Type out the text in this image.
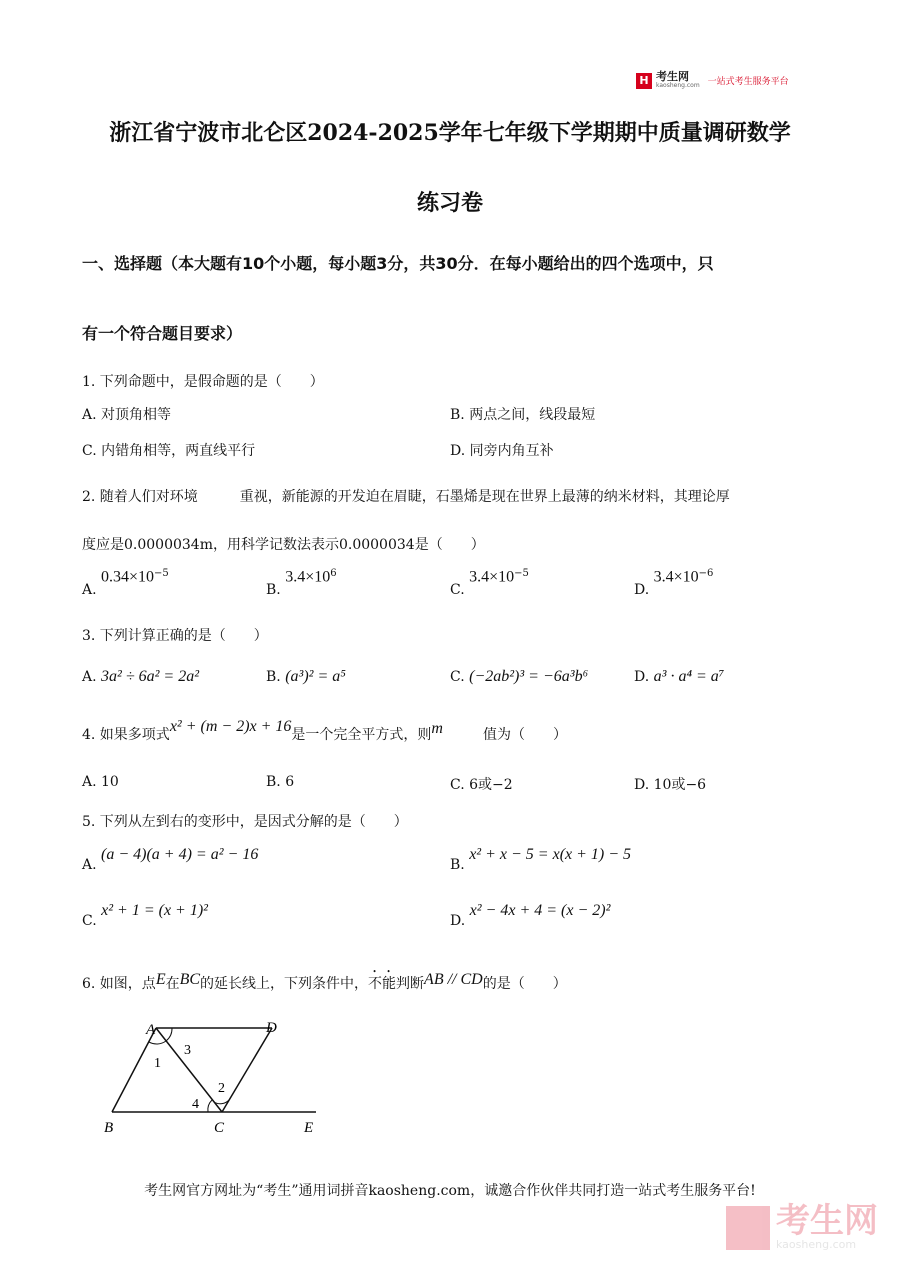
H 考生网
kaosheng.com 一站式考生服务平台
浙江省宁波市北仑区2024-2025学年七年级下学期期中质量调研数学
练习卷
一、选择题（本大题有10个小题，每小题3分，共30分．在每小题给出的四个选项中，只
有一个符合题目要求）
1. 下列命题中，是假命题的是（　　）
A. 对顶角相等	B. 两点之间，线段最短
C. 内错角相等，两直线平行	D. 同旁内角互补
2. 随着人们对环境　　　重视，新能源的开发迫在眉睫，石墨烯是现在世界上最薄的纳米材料，其理论厚
度应是0.0000034m，用科学记数法表示0.0000034是（　　）
A. $0.34\times 10^{-5}$
B. $3.4\times 10^6$
C. $3.4\times 10^{-5}$
D. $3.4\times 10^{-6}$
3. 下列计算正确的是（　　）
A. 3a² ÷ 6a² = 2a²	B. (a³)² = a⁵	C. (−2ab²)³ = −6a³b⁶	D. a³ · a⁴ = a⁷
4. 如果多项式x² + (m − 2)x + 16是一个完全平方式，则m	值为（　　）
A. 10	B. 6	C. 6或−2	D. 10或−6
5. 下列从左到右的变形中，是因式分解的是（　　）
A. (a − 4)(a + 4) = a² − 16
B. x² + x − 5 = x(x + 1) − 5
C. x² + 1 = (x + 1)²
D. x² − 4x + 4 = (x − 2)²
6. 如图，点E在BC的延长线上，下列条件中，不能判断AB // CD的是（　　）
A	D
B	C	E
1
3
2
4
考生网官方网址为“考生”通用词拼音kaosheng.com，诚邀合作伙伴共同打造一站式考生服务平台!
考生网
kaosheng.com
